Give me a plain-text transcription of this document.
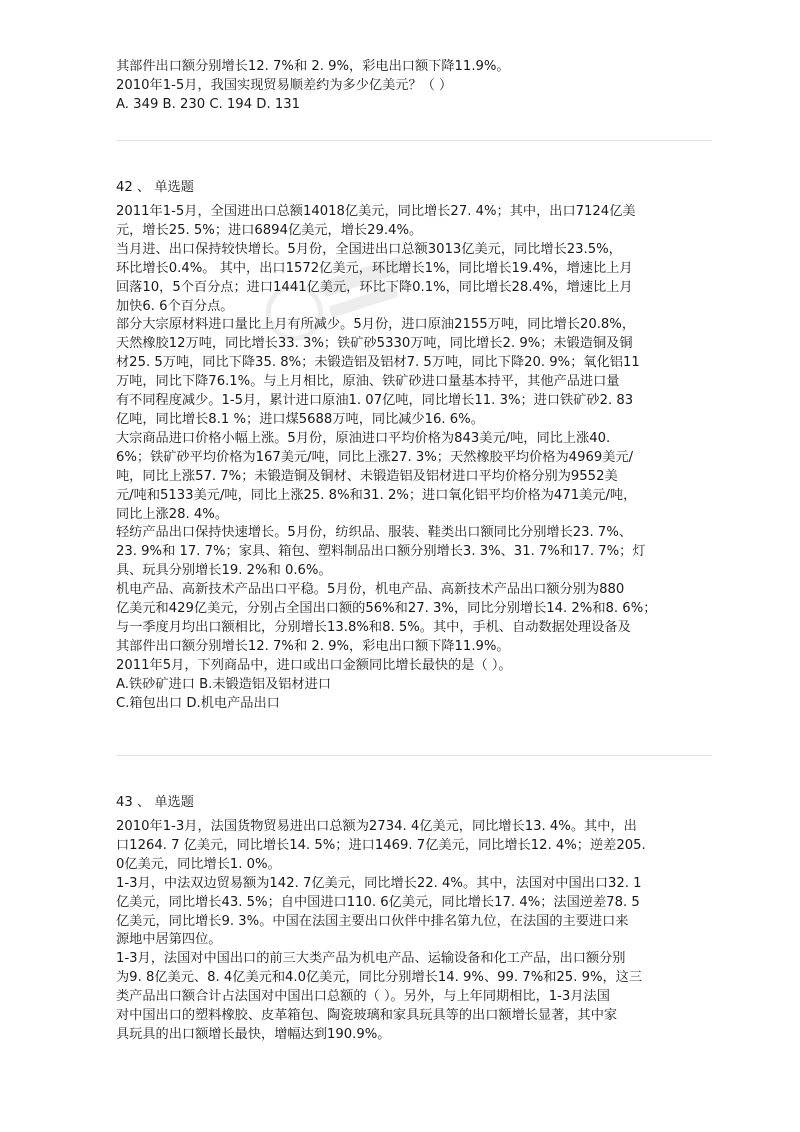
其部件出口额分别增长12. 7%和 2. 9%，彩电出口额下降11.9%。
2010年1-5月，我国实现贸易顺差约为多少亿美元？（ ）
A. 349 B. 230 C. 194 D. 131
42 、 单选题
2011年1-5月，全国进出口总额14018亿美元，同比增长27. 4%；其中，出口7124亿美
元，增长25. 5%；进口6894亿美元，增长29.4%。
当月进、出口保持较快增长。5月份，全国进出口总额3013亿美元，同比增长23.5%，
环比增长0.4%。 其中，出口1572亿美元，环比增长1%，同比增长19.4%，增速比上月
回落10，5个百分点；进口1441亿美元，环比下降0.1%，同比增长28.4%，增速比上月
加快6. 6个百分点。
部分大宗原材料进口量比上月有所减少。5月份，进口原油2155万吨，同比增长20.8%，
天然橡胶12万吨，同比增长33. 3%；铁矿砂5330万吨，同比增长2. 9%；未锻造铜及铜
材25. 5万吨，同比下降35. 8%；未锻造铝及铝材7. 5万吨，同比下降20. 9%；氧化铝11
万吨，同比下降76.1%。与上月相比，原油、铁矿砂进口量基本持平，其他产品进口量
有不同程度减少。1-5月，累计进口原油1. 07亿吨，同比增长11. 3%；进口铁矿砂2. 83
亿吨，同比增长8.1 %；进口煤5688万吨，同比减少16. 6%。
大宗商品进口价格小幅上涨。5月份，原油进口平均价格为843美元/吨，同比上涨40.
6%；铁矿砂平均价格为167美元/吨，同比上涨27. 3%；天然橡胶平均价格为4969美元/
吨，同比上涨57. 7%；未锻造铜及铜材、未锻造铝及铝材进口平均价格分别为9552美
元/吨和5133美元/吨，同比上涨25. 8%和31. 2%；进口氧化铝平均价格为471美元/吨，
同比上涨28. 4%。
轻纺产品出口保持快速增长。5月份，纺织品、服装、鞋类出口额同比分别增长23. 7%、
23. 9%和 17. 7%；家具、箱包、塑料制品出口额分别增长3. 3%、31. 7%和17. 7%；灯
具、玩具分别增长19. 2%和 0.6%。
机电产品、高新技术产品出口平稳。5月份，机电产品、高新技术产品出口额分别为880
亿美元和429亿美元，分别占全国出口额的56%和27. 3%，同比分别增长14. 2%和8. 6%；
与一季度月均出口额相比，分别增长13.8%和8. 5%。其中，手机、自动数据处理设备及
其部件出口额分别增长12. 7%和 2. 9%，彩电出口额下降11.9%。
2011年5月，下列商品中，进口或出口金额同比增长最快的是（ ）。
A.铁砂矿进口 B.未锻造铝及铝材进口
C.箱包出口 D.机电产品出口
43 、 单选题
2010年1-3月，法国货物贸易进出口总额为2734. 4亿美元，同比增长13. 4%。其中，出
口1264. 7 亿美元，同比增长14. 5%；进口1469. 7亿美元，同比增长12. 4%；逆差205.
0亿美元，同比增长1. 0%。
1-3月，中法双边贸易额为142. 7亿美元，同比增长22. 4%。其中，法国对中国出口32. 1
亿美元，同比增长43. 5%；自中国进口110. 6亿美元，同比增长17. 4%；法国逆差78. 5
亿美元，同比增长9. 3%。中国在法国主要出口伙伴中排名第九位，在法国的主要进口来
源地中居第四位。
1-3月，法国对中国出口的前三大类产品为机电产品、运输设备和化工产品，出口额分别
为9. 8亿美元、8. 4亿美元和4.0亿美元，同比分别增长14. 9%、99. 7%和25. 9%，这三
类产品出口额合计占法国对中国出口总额的（ ）。另外，与上年同期相比，1-3月法国
对中国出口的塑料橡胶、皮革箱包、陶瓷玻璃和家具玩具等的出口额增长显著，其中家
具玩具的出口额增长最快，增幅达到190.9%。
